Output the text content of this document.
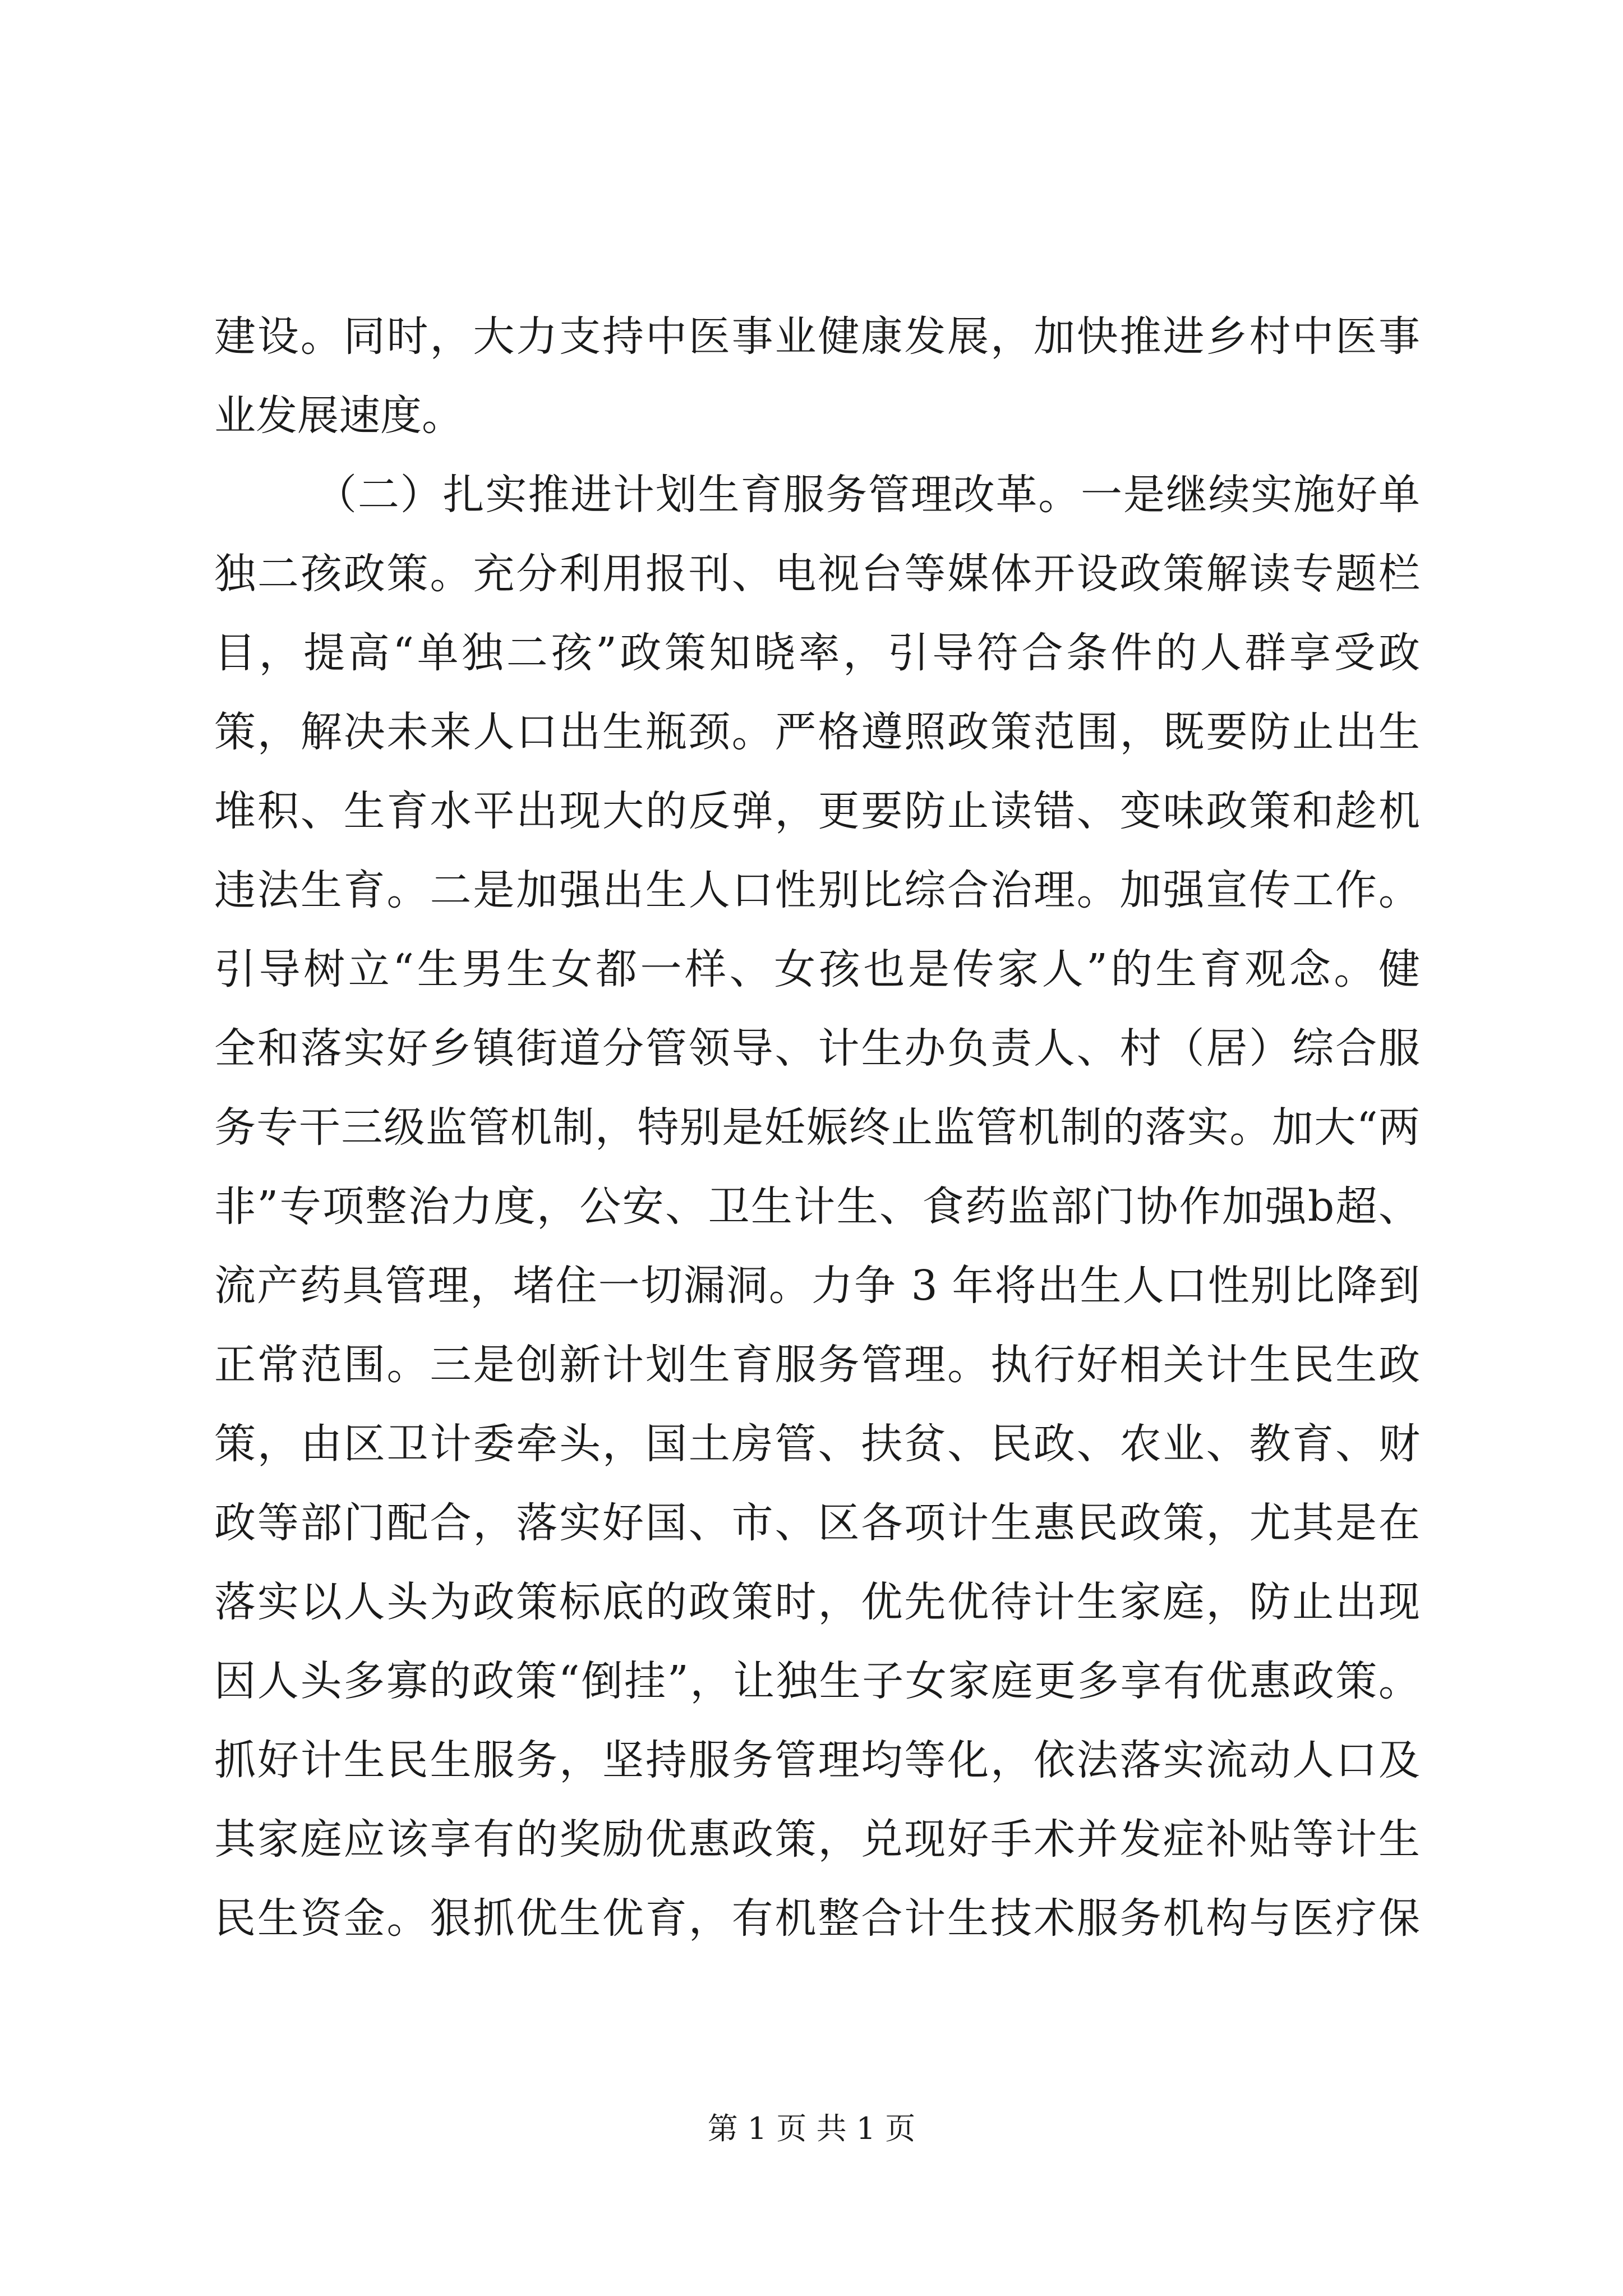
建设。同时，大力支持中医事业健康发展，加快推进乡村中医事
业发展速度。
（二）扎实推进计划生育服务管理改革。一是继续实施好单
独二孩政策。充分利用报刊、电视台等媒体开设政策解读专题栏
目，提高“单独二孩”政策知晓率，引导符合条件的人群享受政
策，解决未来人口出生瓶颈。严格遵照政策范围，既要防止出生
堆积、生育水平出现大的反弹，更要防止读错、变味政策和趁机
违法生育。二是加强出生人口性别比综合治理。加强宣传工作。
引导树立“生男生女都一样、女孩也是传家人”的生育观念。健
全和落实好乡镇街道分管领导、计生办负责人、村（居）综合服
务专干三级监管机制，特别是妊娠终止监管机制的落实。加大“两
非”专项整治力度，公安、卫生计生、食药监部门协作加强b超、
流产药具管理，堵住一切漏洞。力争 3 年将出生人口性别比降到
正常范围。三是创新计划生育服务管理。执行好相关计生民生政
策，由区卫计委牵头，国土房管、扶贫、民政、农业、教育、财
政等部门配合，落实好国、市、区各项计生惠民政策，尤其是在
落实以人头为政策标底的政策时，优先优待计生家庭，防止出现
因人头多寡的政策“倒挂”，让独生子女家庭更多享有优惠政策。
抓好计生民生服务，坚持服务管理均等化，依法落实流动人口及
其家庭应该享有的奖励优惠政策，兑现好手术并发症补贴等计生
民生资金。狠抓优生优育，有机整合计生技术服务机构与医疗保
第 1 页 共 1 页
